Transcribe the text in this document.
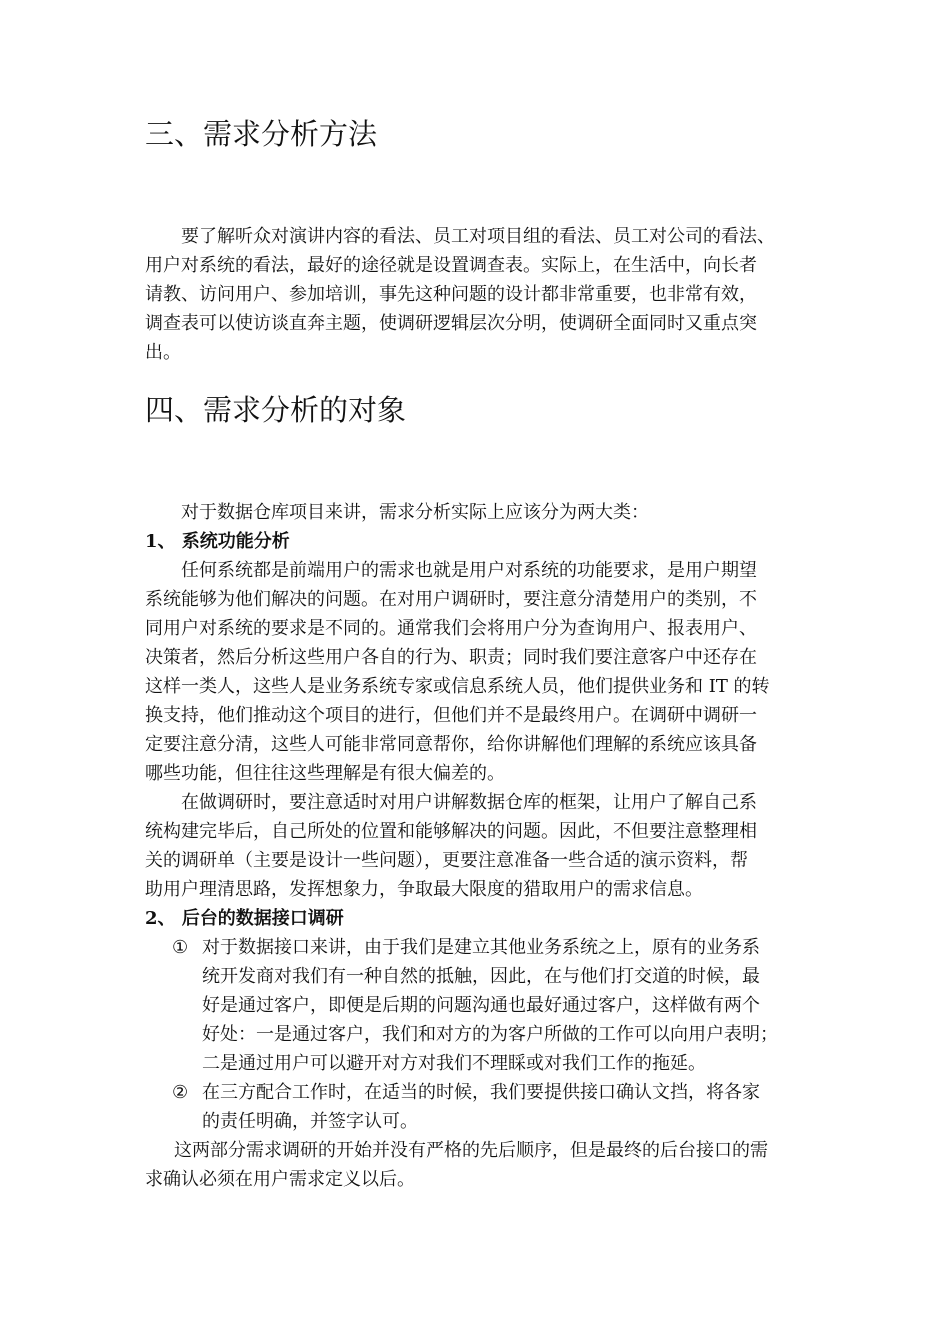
三、需求分析方法
要了解听众对演讲内容的看法、员工对项目组的看法、员工对公司的看法、
用户对系统的看法，最好的途径就是设置调查表。实际上，在生活中，向长者
请教、访问用户、参加培训，事先这种问题的设计都非常重要，也非常有效，
调查表可以使访谈直奔主题，使调研逻辑层次分明，使调研全面同时又重点突
出。
四、需求分析的对象
对于数据仓库项目来讲，需求分析实际上应该分为两大类：
1、 系统功能分析
任何系统都是前端用户的需求也就是用户对系统的功能要求，是用户期望
系统能够为他们解决的问题。在对用户调研时，要注意分清楚用户的类别，不
同用户对系统的要求是不同的。通常我们会将用户分为查询用户、报表用户、
决策者，然后分析这些用户各自的行为、职责；同时我们要注意客户中还存在
这样一类人，这些人是业务系统专家或信息系统人员，他们提供业务和 IT 的转
换支持，他们推动这个项目的进行，但他们并不是最终用户。在调研中调研一
定要注意分清，这些人可能非常同意帮你，给你讲解他们理解的系统应该具备
哪些功能，但往往这些理解是有很大偏差的。
在做调研时，要注意适时对用户讲解数据仓库的框架，让用户了解自己系
统构建完毕后，自己所处的位置和能够解决的问题。因此，不但要注意整理相
关的调研单（主要是设计一些问题），更要注意准备一些合适的演示资料，帮
助用户理清思路，发挥想象力，争取最大限度的猎取用户的需求信息。
2、 后台的数据接口调研
① 对于数据接口来讲，由于我们是建立其他业务系统之上，原有的业务系
统开发商对我们有一种自然的抵触，因此，在与他们打交道的时候，最
好是通过客户，即便是后期的问题沟通也最好通过客户，这样做有两个
好处：一是通过客户，我们和对方的为客户所做的工作可以向用户表明；
二是通过用户可以避开对方对我们不理睬或对我们工作的拖延。
② 在三方配合工作时，在适当的时候，我们要提供接口确认文挡，将各家
的责任明确，并签字认可。
这两部分需求调研的开始并没有严格的先后顺序，但是最终的后台接口的需
求确认必须在用户需求定义以后。
